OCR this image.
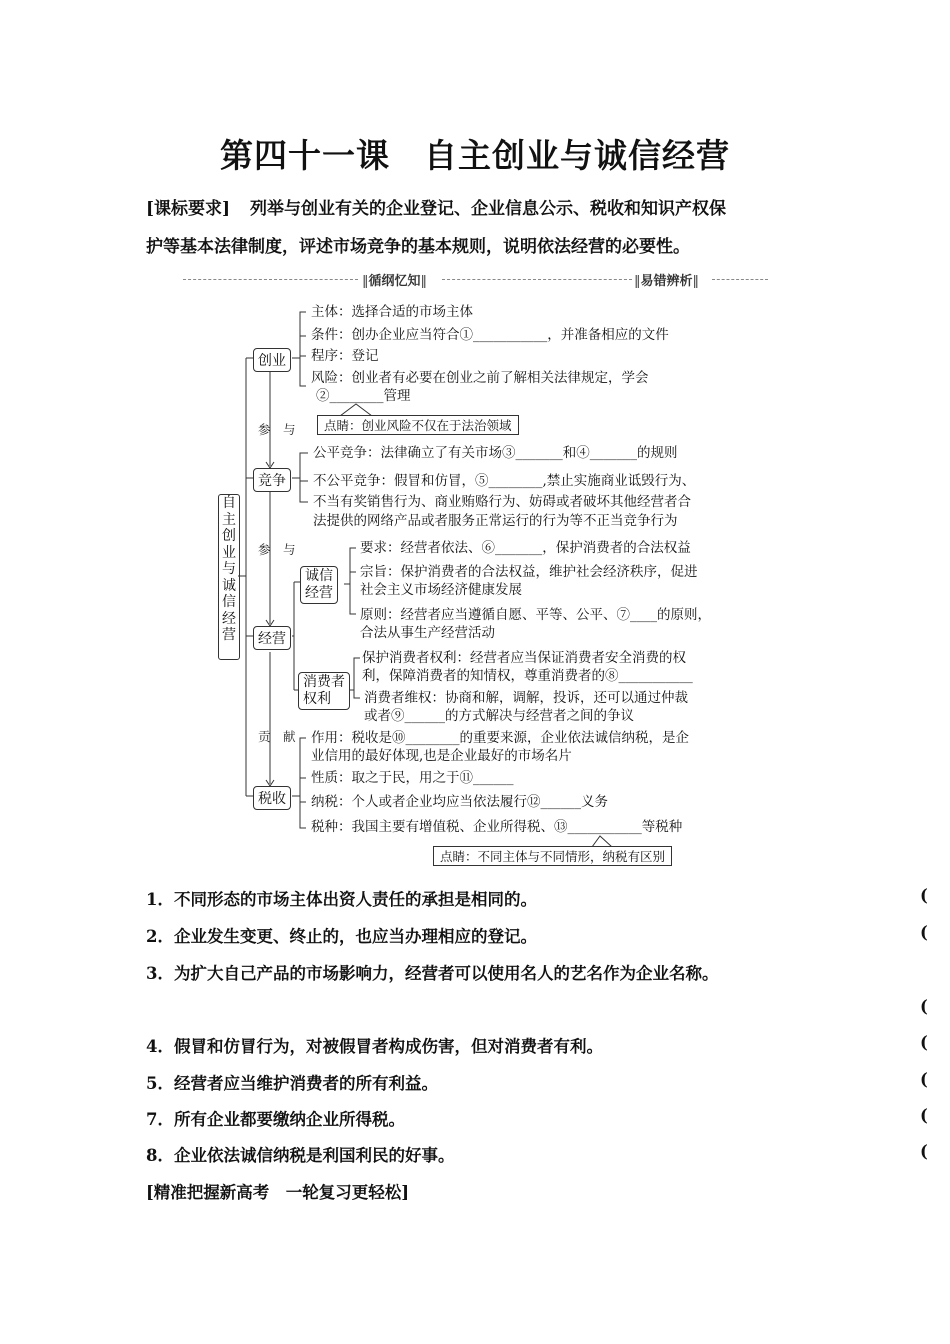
第四十一课　自主创业与诚信经营
[课标要求] 列举与创业有关的企业登记、企业信息公示、税收和知识产权保
护等基本法律制度，评述市场竞争的基本规则，说明依法经营的必要性。
‖循纲忆知‖	‖易错辨析‖
自主创业与诚信经营
参　与
参　与
贡　献
创业
主体：选择合适的市场主体
条件：创办企业应当符合①___________，并准备相应的文件
程序：登记
风险：创业者有必要在创业之前了解相关法律规定，学会
②________管理
点睛：创业风险不仅在于法治领域
竞争
公平竞争：法律确立了有关市场③_______和④_______的规则
不公平竞争：假冒和仿冒，⑤________,禁止实施商业诋毁行为、
不当有奖销售行为、商业贿赂行为、妨碍或者破坏其他经营者合
法提供的网络产品或者服务正常运行的行为等不正当竞争行为
经营
诚信
经营
要求：经营者依法、⑥_______，保护消费者的合法权益
宗旨：保护消费者的合法权益，维护社会经济秩序，促进
社会主义市场经济健康发展
原则：经营者应当遵循自愿、平等、公平、⑦____的原则，
合法从事生产经营活动
消费者
权利
保护消费者权利：经营者应当保证消费者安全消费的权
利，保障消费者的知情权，尊重消费者的⑧___________
消费者维权：协商和解，调解，投诉，还可以通过仲裁
或者⑨______的方式解决与经营者之间的争议
税收
作用：税收是⑩________的重要来源，企业依法诚信纳税，是企
业信用的最好体现,也是企业最好的市场名片
性质：取之于民，用之于⑪______
纳税：个人或者企业均应当依法履行⑫______义务
税种：我国主要有增值税、企业所得税、⑬___________等税种
点睛：不同主体与不同情形，纳税有区别
1．不同形态的市场主体出资人责任的承担是相同的。	(
2．企业发生变更、终止的，也应当办理相应的登记。	(
3．为扩大自己产品的市场影响力，经营者可以使用名人的艺名作为企业名称。
(
4．假冒和仿冒行为，对被假冒者构成伤害，但对消费者有利。	(
5．经营者应当维护消费者的所有利益。	(
7．所有企业都要缴纳企业所得税。	(
8．企业依法诚信纳税是利国利民的好事。	(
[精准把握新高考　一轮复习更轻松]
